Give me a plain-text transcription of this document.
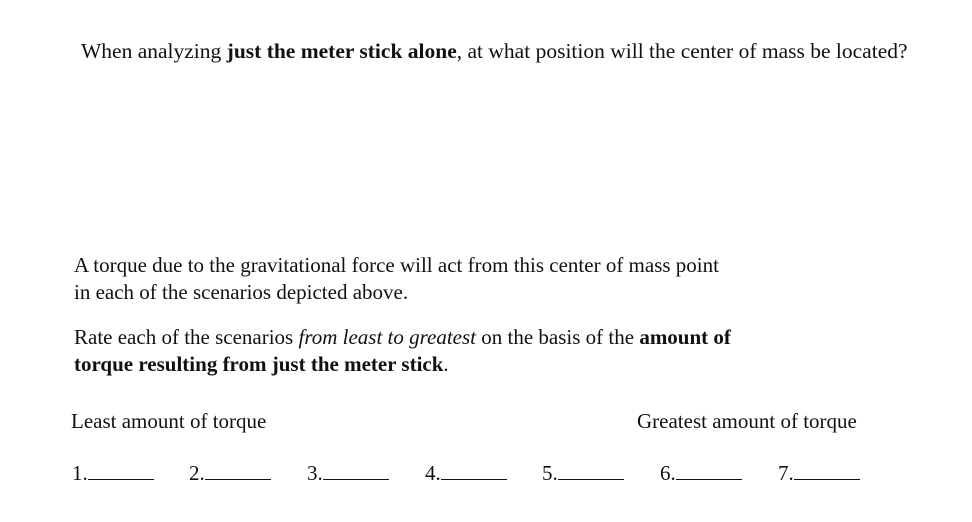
When analyzing just the meter stick alone, at what position will the center of mass be located?
A torque due to the gravitational force will act from this center of mass point
in each of the scenarios depicted above.
Rate each of the scenarios from least to greatest on the basis of the amount of
torque resulting from just the meter stick.
Least amount of torque	Greatest amount of torque
1.	2.	3.	4.	5.	6.	7.
